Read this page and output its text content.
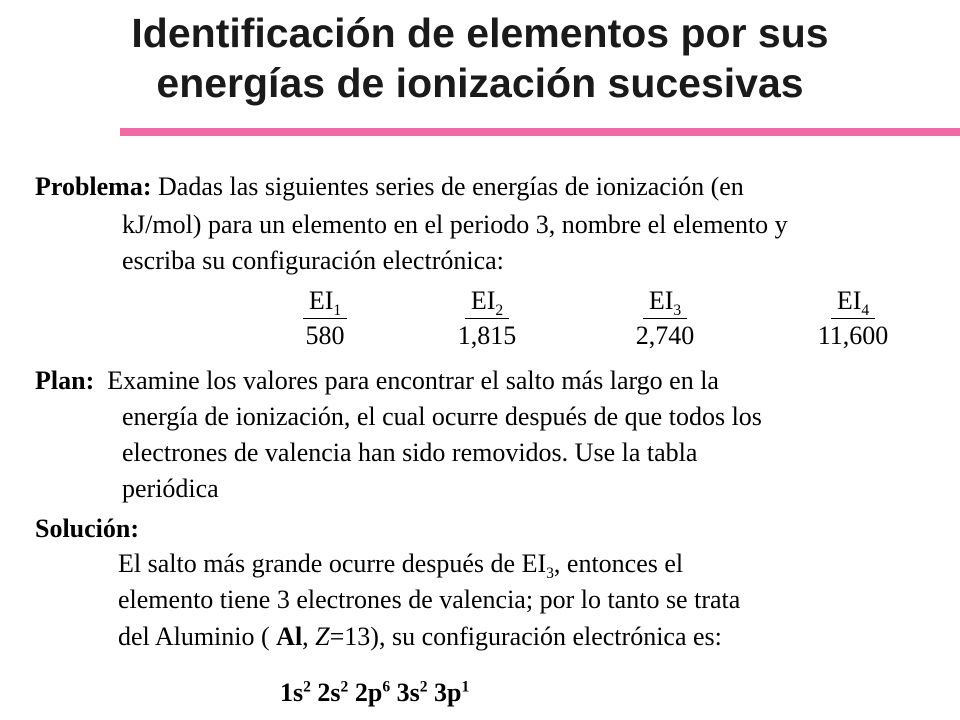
Identificación de elementos por sus
energías de ionización sucesivas
Problema: Dadas las siguientes series de energías de ionización (en
kJ/mol) para un elemento en el periodo 3, nombre el elemento y
escriba su configuración electrónica:
$EI_1$
580
$EI_2$
1,815
$EI_3$
2,740
$EI_4$
11,600
Plan: Examine los valores para encontrar el salto más largo en la
energía de ionización, el cual ocurre después de que todos los
electrones de valencia han sido removidos. Use la tabla
periódica
Solución:
El salto más grande ocurre después de $EI_3$, entonces el
elemento tiene 3 electrones de valencia; por lo tanto se trata
del Aluminio ( Al, Z=13), su configuración electrónica es:
$1s^2$ $2s^2$ $2p^6$ $3s^2$ $3p^1$
